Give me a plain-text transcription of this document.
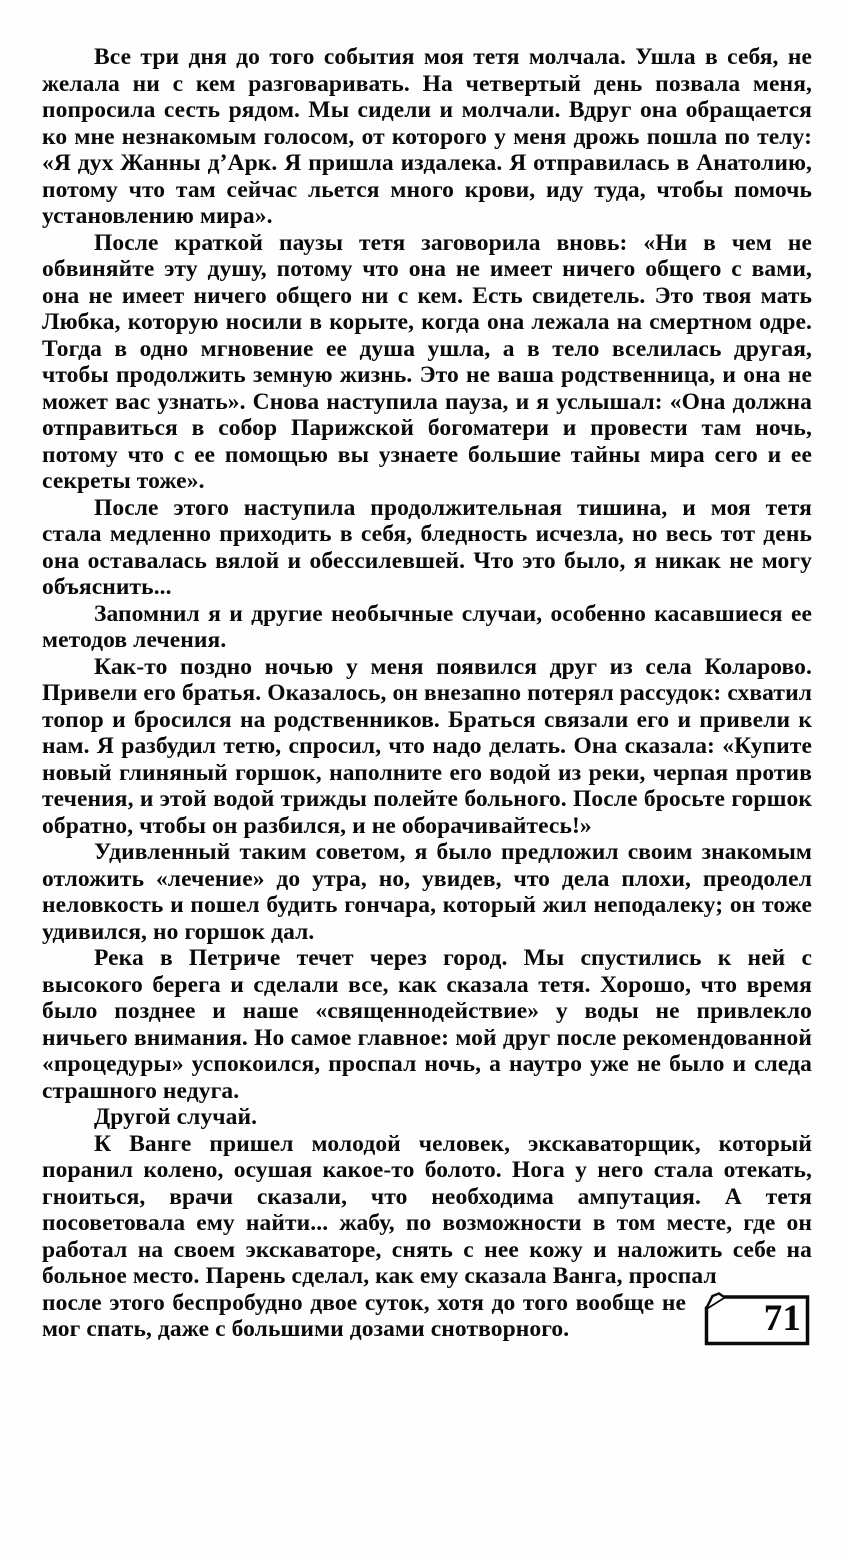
Все три дня до того события моя тетя молчала. Ушла в себя, не желала ни с кем разговаривать. На четвертый день позвала меня, попросила сесть рядом. Мы сидели и молчали. Вдруг она обращается ко мне незнакомым голосом, от которого у меня дрожь пошла по телу: «Я дух Жанны д’Арк. Я пришла издалека. Я отправилась в Анатолию, потому что там сейчас льется много крови, иду туда, чтобы помочь установлению мира».

После краткой паузы тетя заговорила вновь: «Ни в чем не обвиняйте эту душу, потому что она не имеет ничего общего с вами, она не имеет ничего общего ни с кем. Есть свидетель. Это твоя мать Любка, которую носили в корыте, когда она лежала на смертном одре. Тогда в одно мгновение ее душа ушла, а в тело вселилась другая, чтобы продолжить земную жизнь. Это не ваша родственница, и она не может вас узнать». Снова наступила пауза, и я услышал: «Она должна отправиться в собор Парижской богоматери и провести там ночь, потому что с ее помощью вы узнаете большие тайны мира сего и ее секреты тоже».

После этого наступила продолжительная тишина, и моя тетя стала медленно приходить в себя, бледность исчезла, но весь тот день она оставалась вялой и обессилевшей. Что это было, я никак не могу объяснить...

Запомнил я и другие необычные случаи, особенно касавшиеся ее методов лечения.

Как-то поздно ночью у меня появился друг из села Коларово. Привели его братья. Оказалось, он внезапно потерял рассудок: схватил топор и бросился на родственников. Браться связали его и привели к нам. Я разбудил тетю, спросил, что надо делать. Она сказала: «Купите новый глиняный горшок, наполните его водой из реки, черпая против течения, и этой водой трижды полейте больного. После бросьте горшок обратно, чтобы он разбился, и не оборачивайтесь!»

Удивленный таким советом, я было предложил своим знакомым отложить «лечение» до утра, но, увидев, что дела плохи, преодолел неловкость и пошел будить гончара, который жил неподалеку; он тоже удивился, но горшок дал.

Река в Петриче течет через город. Мы спустились к ней с высокого берега и сделали все, как сказала тетя. Хорошо, что время было позднее и наше «священнодействие» у воды не привлекло ничьего внимания. Но самое главное: мой друг после рекомендованной «процедуры» успокоился, проспал ночь, а наутро уже не было и следа страшного недуга.

Другой случай.

К Ванге пришел молодой человек, экскаваторщик, который поранил колено, осушая какое-то болото. Нога у него стала отекать, гноиться, врачи сказали, что необходима ампутация. А тетя посоветовала ему найти... жабу, по возможности в том месте, где он работал на своем экскаваторе, снять с нее кожу и наложить себе на больное место. Парень сделал, как ему сказала Ванга, проспал

71
после этого беспробудно двое суток, хотя до того вообще не мог спать, даже с большими дозами снотворного.
